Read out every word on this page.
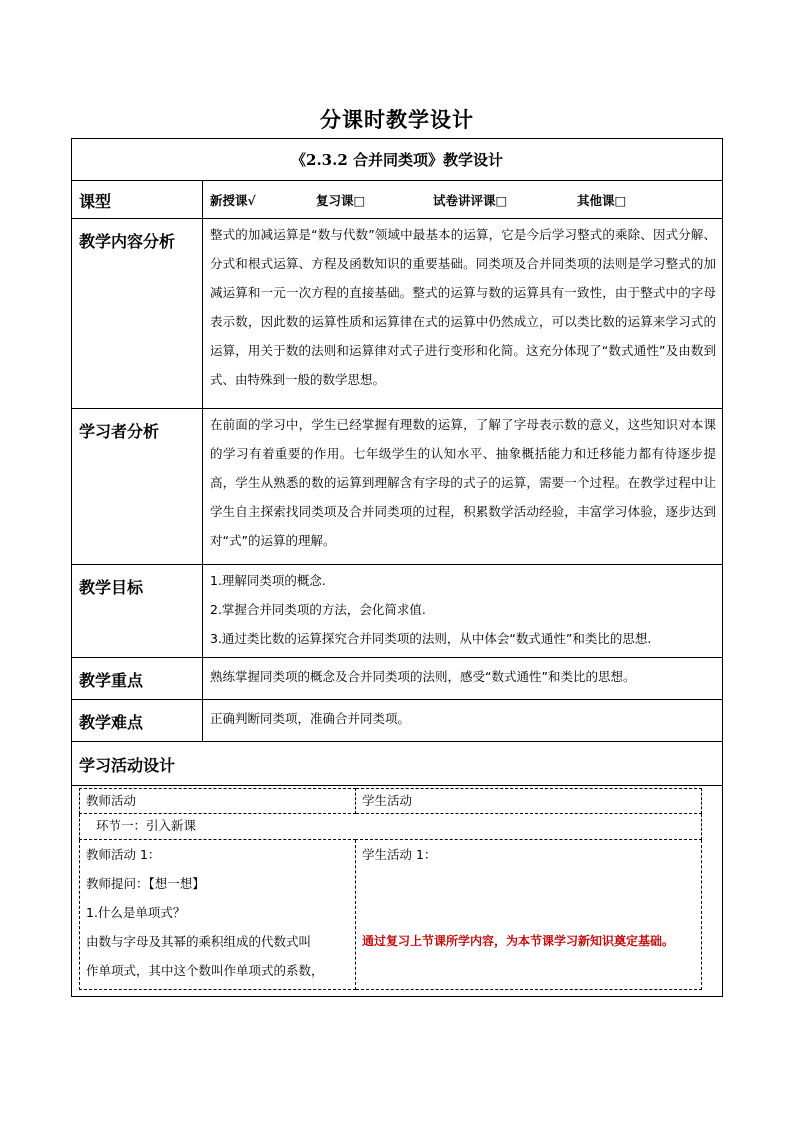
分课时教学设计
《2.3.2 合并同类项》教学设计
课型	新授课√	复习课□	试卷讲评课□	其他课□
教学内容分析	整式的加减运算是“数与代数”领域中最基本的运算，它是今后学习整式的乘除、因式分解、分式和根式运算、方程及函数知识的重要基础。同类项及合并同类项的法则是学习整式的加减运算和一元一次方程的直接基础。整式的运算与数的运算具有一致性，由于整式中的字母表示数，因此数的运算性质和运算律在式的运算中仍然成立，可以类比数的运算来学习式的运算，用关于数的法则和运算律对式子进行变形和化简。这充分体现了“数式通性”及由数到式、由特殊到一般的数学思想。
学习者分析	在前面的学习中，学生已经掌握有理数的运算，了解了字母表示数的意义，这些知识对本课的学习有着重要的作用。七年级学生的认知水平、抽象概括能力和迁移能力都有待逐步提高，学生从熟悉的数的运算到理解含有字母的式子的运算，需要一个过程。在教学过程中让学生自主探索找同类项及合并同类项的过程，积累数学活动经验，丰富学习体验，逐步达到对“式”的运算的理解。
教学目标	1.理解同类项的概念.
2.掌握合并同类项的方法，会化简求值.
3.通过类比数的运算探究合并同类项的法则，从中体会“数式通性”和类比的思想.

教学重点	熟练掌握同类项的概念及合并同类项的法则，感受“数式通性”和类比的思想。
教学难点	正确判断同类项，准确合并同类项。
学习活动设计

教师活动	学生活动
环节一：引入新课

教师活动 1：
教师提问：【想一想】
1.什么是单项式？
由数与字母及其幂的乘积组成的代数式叫
作单项式，其中这个数叫作单项式的系数，

学生活动 1：
通过复习上节课所学内容，为本节课学习新知识奠定基础。
